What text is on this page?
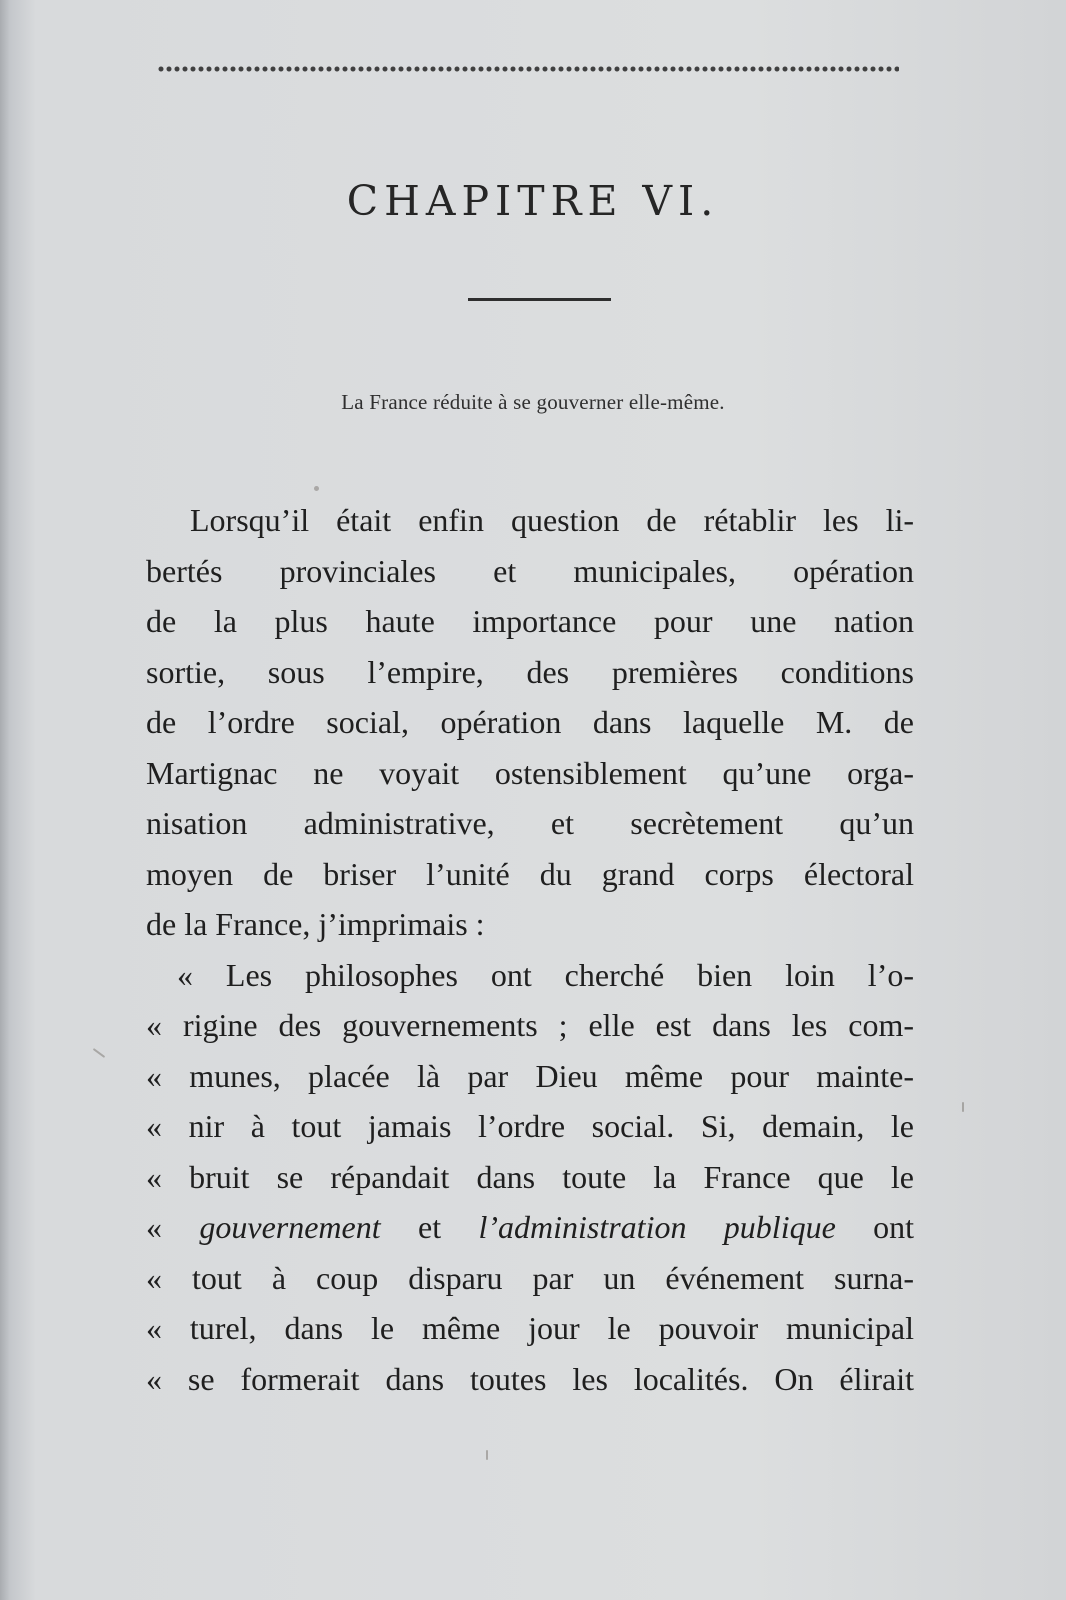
CHAPITRE VI.
La France réduite à se gouverner elle-même.
Lorsqu’il était enfin question de rétablir les li-
bertés provinciales et municipales, opération
de la plus haute importance pour une nation
sortie, sous l’empire, des premières conditions
de l’ordre social, opération dans laquelle M. de
Martignac ne voyait ostensiblement qu’une orga-
nisation administrative, et secrètement qu’un
moyen de briser l’unité du grand corps électoral
de la France, j’imprimais :
« Les philosophes ont cherché bien loin l’o-
« rigine des gouvernements ; elle est dans les com-
« munes, placée là par Dieu même pour mainte-
« nir à tout jamais l’ordre social. Si, demain, le
« bruit se répandait dans toute la France que le
« gouvernement et l’administration publique ont
« tout à coup disparu par un événement surna-
« turel, dans le même jour le pouvoir municipal
« se formerait dans toutes les localités. On élirait
